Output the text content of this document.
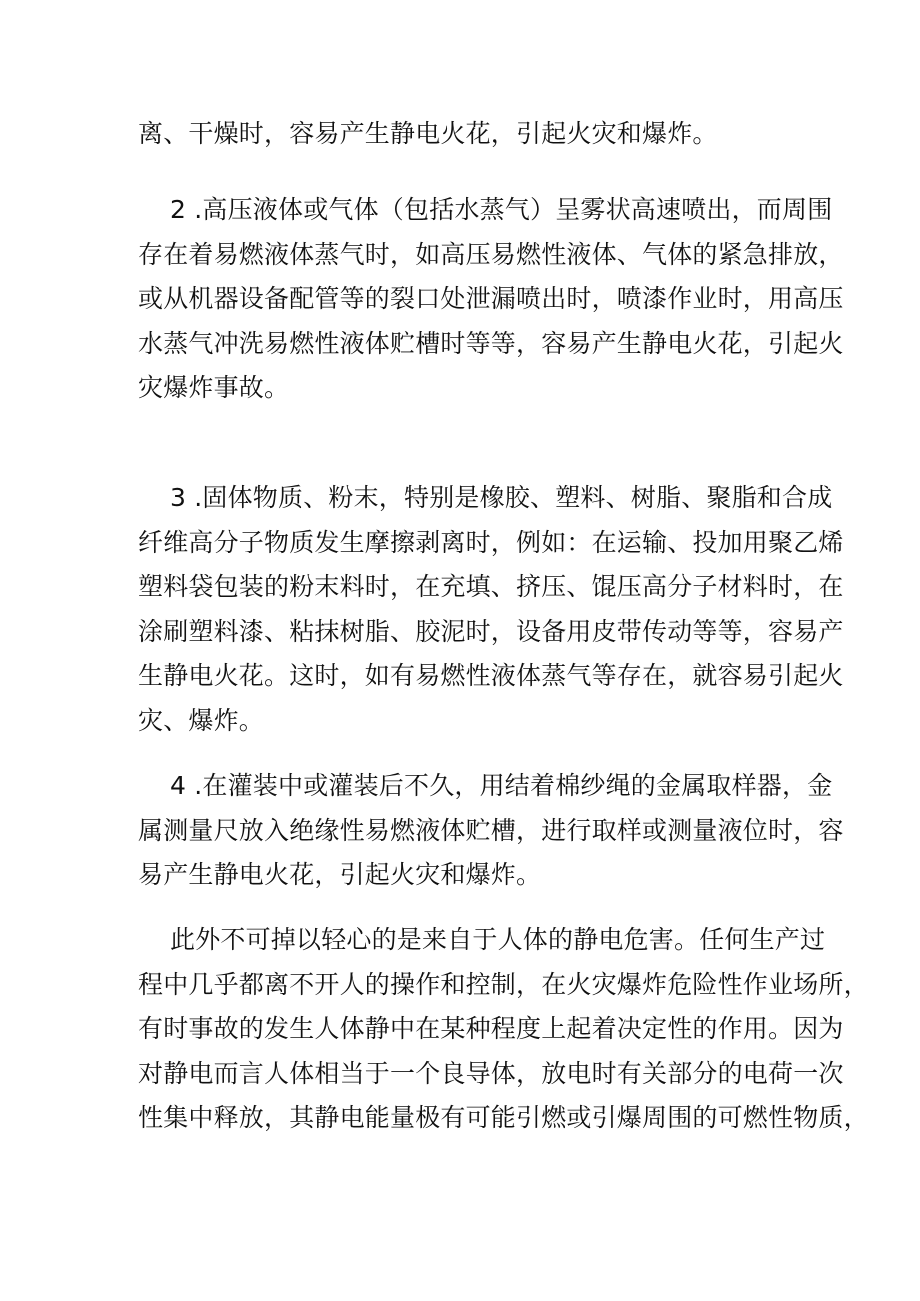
离、干燥时，容易产生静电火花，引起火灾和爆炸。

2 .高压液体或气体（包括水蒸气）呈雾状高速喷出，而周围
存在着易燃液体蒸气时，如高压易燃性液体、气体的紧急排放，
或从机器设备配管等的裂口处泄漏喷出时，喷漆作业时，用高压
水蒸气冲洗易燃性液体贮槽时等等，容易产生静电火花，引起火
灾爆炸事故。

3 .固体物质、粉末，特别是橡胶、塑料、树脂、聚脂和合成
纤维高分子物质发生摩擦剥离时，例如：在运输、投加用聚乙烯
塑料袋包装的粉末料时，在充填、挤压、馄压高分子材料时，在
涂刷塑料漆、粘抹树脂、胶泥时，设备用皮带传动等等，容易产
生静电火花。这时，如有易燃性液体蒸气等存在，就容易引起火
灾、爆炸。

4 .在灌装中或灌装后不久，用结着棉纱绳的金属取样器，金
属测量尺放入绝缘性易燃液体贮槽，进行取样或测量液位时，容
易产生静电火花，引起火灾和爆炸。

此外不可掉以轻心的是来自于人体的静电危害。任何生产过
程中几乎都离不开人的操作和控制，在火灾爆炸危险性作业场所，
有时事故的发生人体静中在某种程度上起着决定性的作用。因为
对静电而言人体相当于一个良导体，放电时有关部分的电荷一次
性集中释放，其静电能量极有可能引燃或引爆周围的可燃性物质，
